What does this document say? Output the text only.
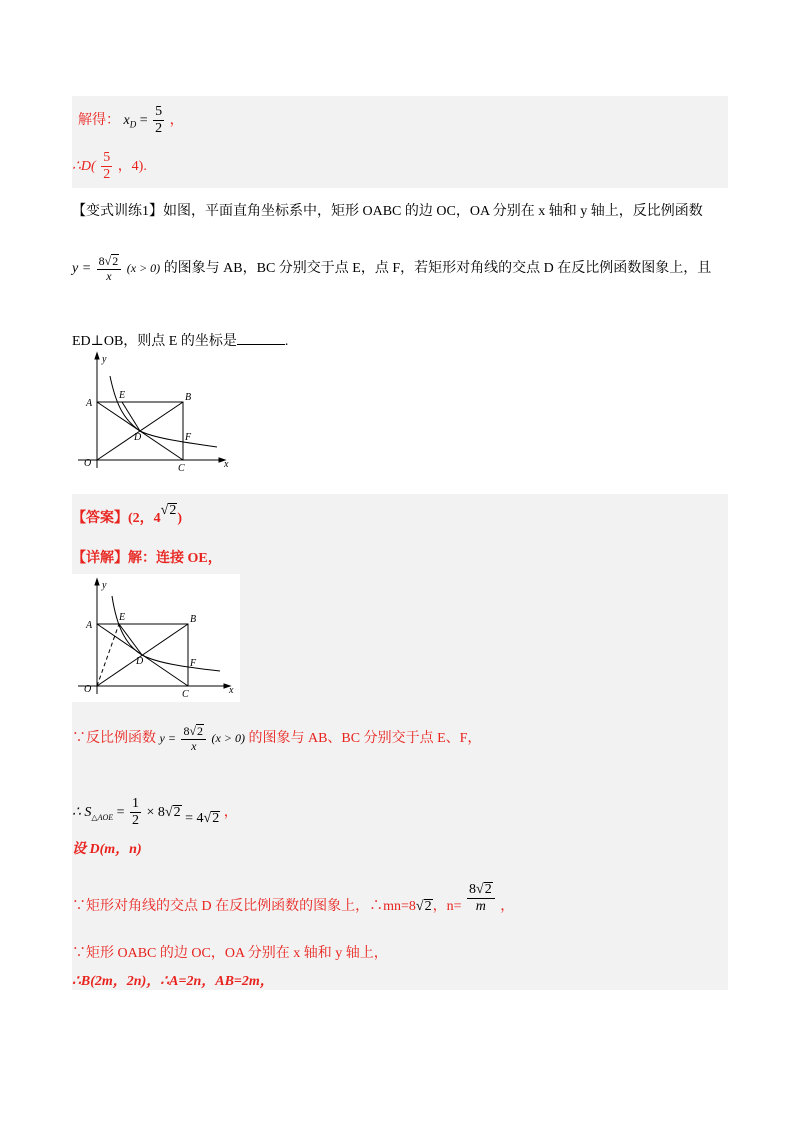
解得： $x_D = \frac{5}{2}$ ，
∴D( $\frac{5}{2}$ ，4).
【变式训练1】如图，平面直角坐标系中，矩形 OABC 的边 OC，OA 分别在 x 轴和 y 轴上，反比例函数
$y = \frac{8√2}{x} (x > 0)$ 的图象与 AB，BC 分别交于点 E，点 F，若矩形对角线的交点 D 在反比例函数图象上，且
ED⊥OB，则点 E 的坐标是	.
y
x
A
E	B
D	F
O	C
【答案】(2，4√2)
【详解】解：连接 OE，
y
x
A
E	B
D	F
O	C
∵反比例函数 $y = \frac{8√2}{x} (x > 0)$ 的图象与 AB、BC 分别交于点 E、F，
∴ $S_{\triangle AOE} = \frac{1}{2} \times 8√2 = 4√2$ ，
设 D(m，n)
∵矩形对角线的交点 D 在反比例函数的图象上，∴mn=8√2，$n= \frac{8√2}{m}$ ，
∵矩形 OABC 的边 OC，OA 分别在 x 轴和 y 轴上，
∴B(2m，2n)，∴A=2n，AB=2m，
